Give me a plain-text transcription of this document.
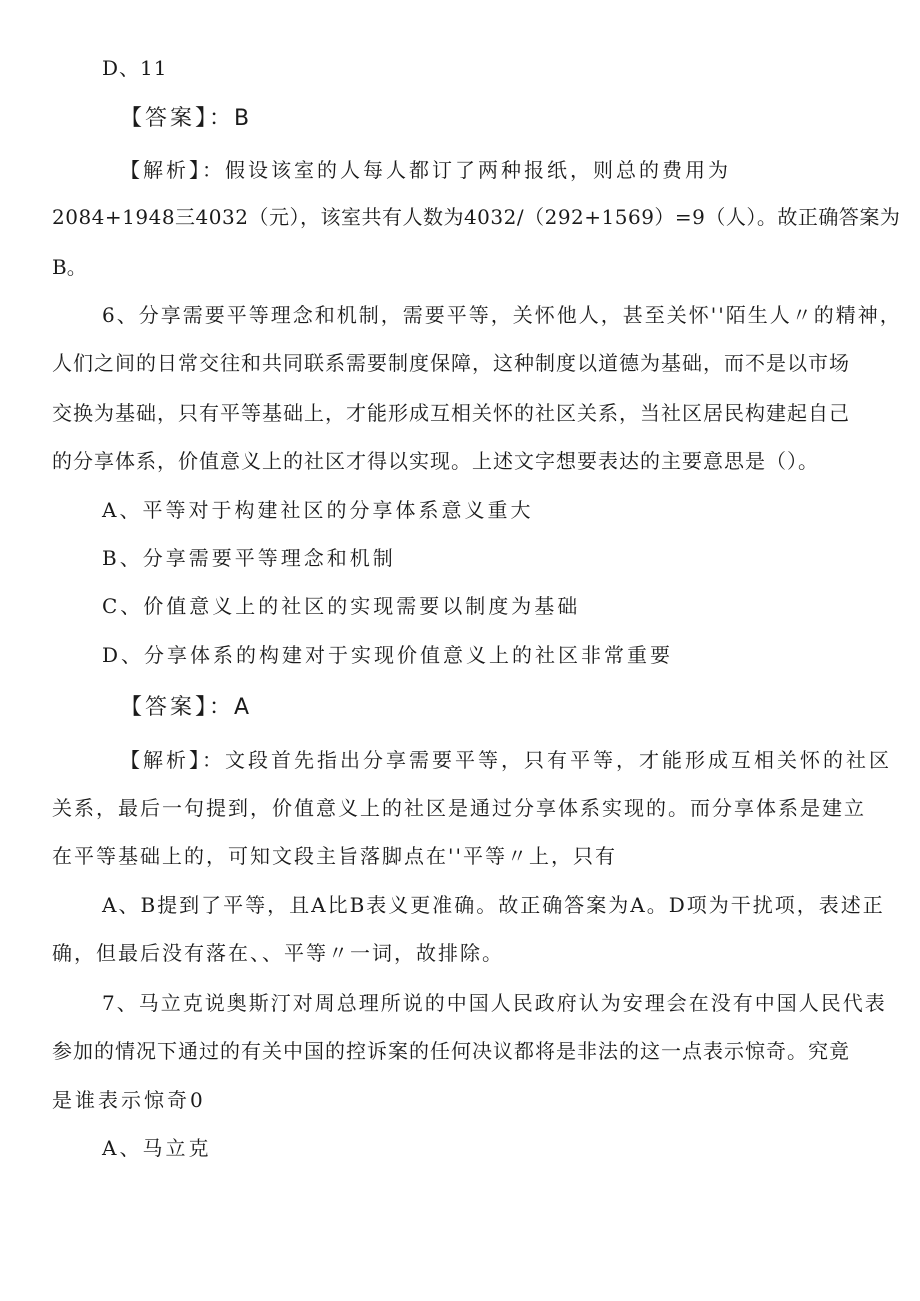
D、11
【答案】：B
【解析】：假设该室的人每人都订了两种报纸，则总的费用为
2084+1948三4032（元），该室共有人数为4032/（292+1569）=9（人）。故正确答案为
B。
6、分享需要平等理念和机制，需要平等，关怀他人，甚至关怀''陌生人〃的精神，
人们之间的日常交往和共同联系需要制度保障，这种制度以道德为基础，而不是以市场
交换为基础，只有平等基础上，才能形成互相关怀的社区关系，当社区居民构建起自己
的分享体系，价值意义上的社区才得以实现。上述文字想要表达的主要意思是（）。
A、平等对于构建社区的分享体系意义重大
B、分享需要平等理念和机制
C、价值意义上的社区的实现需要以制度为基础
D、分享体系的构建对于实现价值意义上的社区非常重要
【答案】：A
【解析】：文段首先指出分享需要平等，只有平等，才能形成互相关怀的社区
关系，最后一句提到，价值意义上的社区是通过分享体系实现的。而分享体系是建立
在平等基础上的，可知文段主旨落脚点在''平等〃上，只有
A、B提到了平等，且A比B表义更准确。故正确答案为A。D项为干扰项，表述正
确，但最后没有落在、、平等〃一词，故排除。
7、马立克说奥斯汀对周总理所说的中国人民政府认为安理会在没有中国人民代表
参加的情况下通过的有关中国的控诉案的任何决议都将是非法的这一点表示惊奇。究竟
是谁表示惊奇0
A、马立克
